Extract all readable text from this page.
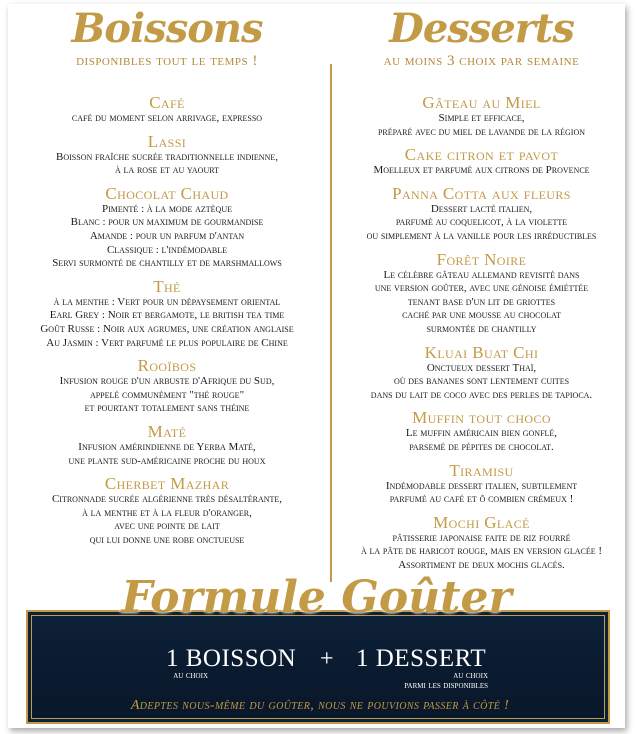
Boissons
disponibles tout le temps !
Café
café du moment selon arrivage, expresso
Lassi
Boisson fraîche sucrée traditionnelle indienne,
à la rose et au yaourt
Chocolat Chaud
Pimenté : à la mode aztèque
Blanc : pour un maximum de gourmandise
Amande : pour un parfum d'antan
Classique : l'indémodable
Servi surmonté de chantilly et de marshmallows
Thé
à la menthe : Vert pour un dépaysement oriental
Earl Grey : Noir et bergamote, le british tea time
Goût Russe : Noir aux agrumes, une création anglaise
Au Jasmin : Vert parfumé le plus populaire de Chine
Rooïbos
Infusion rouge d'un arbuste d'Afrique du Sud,
appelé communément "thé rouge"
et pourtant totalement sans théine
Maté
Infusion amérindienne de Yerba Maté,
une plante sud-américaine proche du houx
Cherbet Mazhar
Citronnade sucrée algérienne très désaltérante,
à la menthe et à la fleur d'oranger,
avec une pointe de lait
qui lui donne une robe onctueuse
Desserts
au moins 3 choix par semaine
Gâteau au Miel
Simple et efficace,
préparé avec du miel de lavande de la région
Cake citron et pavot
Moelleux et parfumé aux citrons de Provence
Panna Cotta aux fleurs
Dessert lacté italien,
parfumé au coquelicot, à la violette
ou simplement à la vanille pour les irréductibles
Forêt Noire
Le célèbre gâteau allemand revisité dans
une version goûter, avec une génoise émiéttée
tenant base d'un lit de griottes
caché par une mousse au chocolat
surmontée de chantilly
Kluai Buat Chi
Onctueux dessert Thaï,
où des bananes sont lentement cuites
dans du lait de coco avec des perles de tapioca.
Muffin tout choco
Le muffin américain bien gonflé,
parsemé de pépites de chocolat.
Tiramisu
Indémodable dessert italien, subtilement
parfumé au café et ô combien crémeux !
Mochi Glacé
pâtisserie japonaise faite de riz fourré
à la pâte de haricot rouge, mais en version glacée !
Assortiment de deux mochis glacés.
Formule Goûter
1 BOISSON
au choix
+ 1 DESSERT
au choix
parmi les disponibles
Adeptes nous-même du goûter, nous ne pouvions passer à côté !
